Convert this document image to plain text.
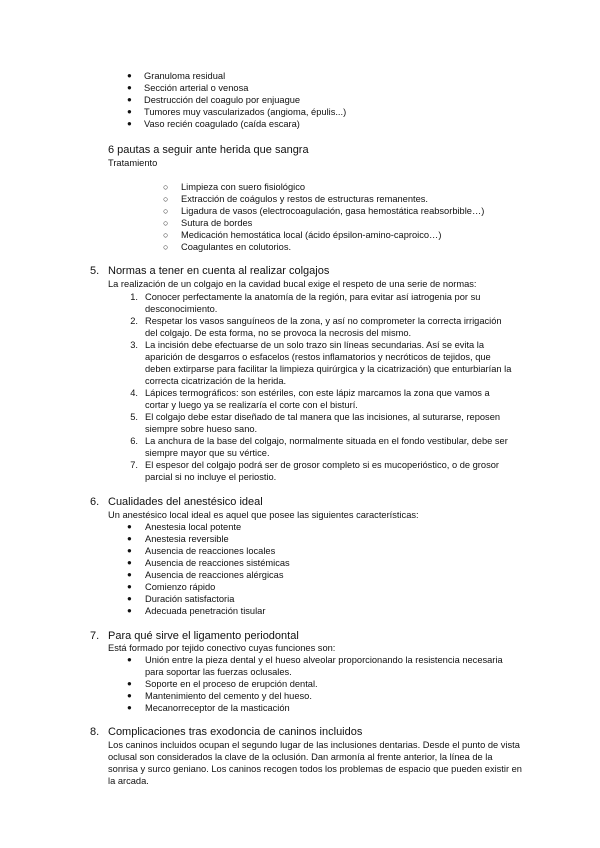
● Granuloma residual
● Sección arterial o venosa
● Destrucción del coagulo por enjuague
● Tumores muy vascularizados (angioma, épulis...)
● Vaso recién coagulado (caída escara)
6 pautas a seguir ante herida que sangra
Tratamiento
○ Limpieza con suero fisiológico
○ Extracción de coágulos y restos de estructuras remanentes.
○ Ligadura de vasos (electrocoagulación, gasa hemostática reabsorbible…)
○ Sutura de bordes
○ Medicación hemostática local (ácido épsilon-amino-caproico…)
○ Coagulantes en colutorios.
5. Normas a tener en cuenta al realizar colgajos
La realización de un colgajo en la cavidad bucal exige el respeto de una serie de normas:
1. Conocer perfectamente la anatomía de la región, para evitar así iatrogenia por su desconocimiento.
2. Respetar los vasos sanguíneos de la zona, y así no comprometer la correcta irrigación del colgajo. De esta forma, no se provoca la necrosis del mismo.
3. La incisión debe efectuarse de un solo trazo sin líneas secundarias. Así se evita la aparición de desgarros o esfacelos (restos inflamatorios y necróticos de tejidos, que deben extirparse para facilitar la limpieza quirúrgica y la cicatrización) que enturbiarían la correcta cicatrización de la herida.
4. Lápices termográficos: son estériles, con este lápiz marcamos la zona que vamos a cortar y luego ya se realizaría el corte con el bisturí.
5. El colgajo debe estar diseñado de tal manera que las incisiones, al suturarse, reposen siempre sobre hueso sano.
6. La anchura de la base del colgajo, normalmente situada en el fondo vestibular, debe ser siempre mayor que su vértice.
7. El espesor del colgajo podrá ser de grosor completo si es mucoperióstico, o de grosor parcial si no incluye el periostio.
6. Cualidades del anestésico ideal
Un anestésico local ideal es aquel que posee las siguientes características:
● Anestesia local potente
● Anestesia reversible
● Ausencia de reacciones locales
● Ausencia de reacciones sistémicas
● Ausencia de reacciones alérgicas
● Comienzo rápido
● Duración satisfactoria
● Adecuada penetración tisular
7. Para qué sirve el ligamento periodontal
Está formado por tejido conectivo cuyas funciones son:
● Unión entre la pieza dental y el hueso alveolar proporcionando la resistencia necesaria para soportar las fuerzas oclusales.
● Soporte en el proceso de erupción dental.
● Mantenimiento del cemento y del hueso.
● Mecanorreceptor de la masticación
8. Complicaciones tras exodoncia de caninos incluidos
Los caninos incluidos ocupan el segundo lugar de las inclusiones dentarias. Desde el punto de vista oclusal son considerados la clave de la oclusión. Dan armonía al frente anterior, la línea de la sonrisa y surco geniano. Los caninos recogen todos los problemas de espacio que pueden existir en la arcada.
